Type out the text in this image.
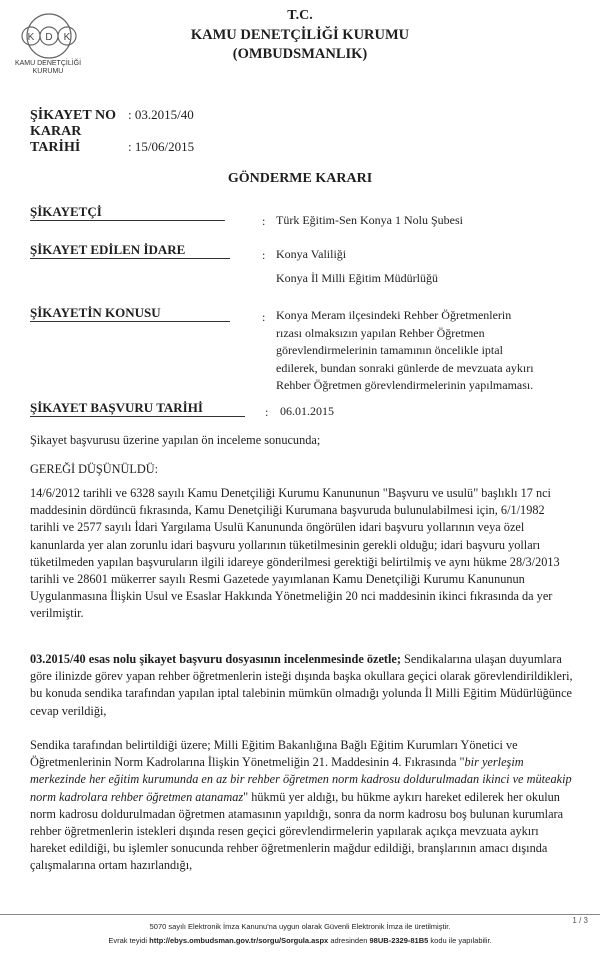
K D K
KAMU DENETÇİLİĞİ
KURUMU
T.C.
KAMU DENETÇİLİĞİ KURUMU
(OMBUDSMANLIK)
ŞİKAYET NO : 03.2015/40
KARAR TARİHİ	: 15/06/2015
GÖNDERME KARARI
ŞİKAYETÇİ
: Türk Eğitim-Sen Konya 1 Nolu Şubesi
ŞİKAYET EDİLEN İDARE	: Konya Valiliği
Konya İl Milli Eğitim Müdürlüğü
ŞİKAYETİN KONUSU	: Konya Meram ilçesindeki Rehber Öğretmenlerin
rızası olmaksızın yapılan Rehber Öğretmen
görevlendirmelerinin tamamının öncelikle iptal
edilerek, bundan sonraki günlerde de mevzuata aykırı
Rehber Öğretmen görevlendirmelerinin yapılmaması.
ŞİKAYET BAŞVURU TARİHİ	: 06.01.2015
Şikayet başvurusu üzerine yapılan ön inceleme sonucunda;
GEREĞİ DÜŞÜNÜLDÜ:
14/6/2012 tarihli ve 6328 sayılı Kamu Denetçiliği Kurumu Kanununun "Başvuru ve usulü" başlıklı 17 nci maddesinin dördüncü fıkrasında, Kamu Denetçiliği Kurumana başvuruda bulunulabilmesi için, 6/1/1982 tarihli ve 2577 sayılı İdari Yargılama Usulü Kanununda öngörülen idari başvuru yollarının veya özel kanunlarda yer alan zorunlu idari başvuru yollarının tüketilmesinin gerekli olduğu; idari başvuru yolları tüketilmeden yapılan başvuruların ilgili idareye gönderilmesi gerektiği belirtilmiş ve aynı hükme 28/3/2013 tarihli ve 28601 mükerrer sayılı Resmi Gazetede yayımlanan Kamu Denetçiliği Kurumu Kanununun Uygulanmasına İlişkin Usul ve Esaslar Hakkında Yönetmeliğin 20 nci maddesinin ikinci fıkrasında da yer verilmiştir.
03.2015/40 esas nolu şikayet başvuru dosyasının incelenmesinde özetle; Sendikalarına ulaşan duyumlara göre ilinizde görev yapan rehber öğretmenlerin isteği dışında başka okullara geçici olarak görevlendirildikleri, bu konuda sendika tarafından yapılan iptal talebinin mümkün olmadığı yolunda İl Milli Eğitim Müdürlüğünce cevap verildiği,
Sendika tarafından belirtildiği üzere; Milli Eğitim Bakanlığına Bağlı Eğitim Kurumları Yönetici ve Öğretmenlerinin Norm Kadrolarına İlişkin Yönetmeliğin 21. Maddesinin 4. Fıkrasında "bir yerleşim merkezinde her eğitim kurumunda en az bir rehber öğretmen norm kadrosu doldurulmadan ikinci ve müteakip norm kadrolara rehber öğretmen atanamaz" hükmü yer aldığı, bu hükme aykırı hareket edilerek her okulun norm kadrosu doldurulmadan öğretmen atamasının yapıldığı, sonra da norm kadrosu boş bulunan kurumlara rehber öğretmenlerin istekleri dışında resen geçici görevlendirmelerin yapılarak açıkça mevzuata aykırı hareket edildiği, bu işlemler sonucunda rehber öğretmenlerin mağdur edildiği, branşlarının amacı dışında çalışmalarına ortam hazırlandığı,
1 / 3
5070 sayılı Elektronik İmza Kanunu'na uygun olarak Güvenli Elektronik İmza ile üretilmiştir.
Evrak teyidi http://ebys.ombudsman.gov.tr/sorgu/Sorgula.aspx adresinden 98UB-2329-81B5 kodu ile yapılabilir.
